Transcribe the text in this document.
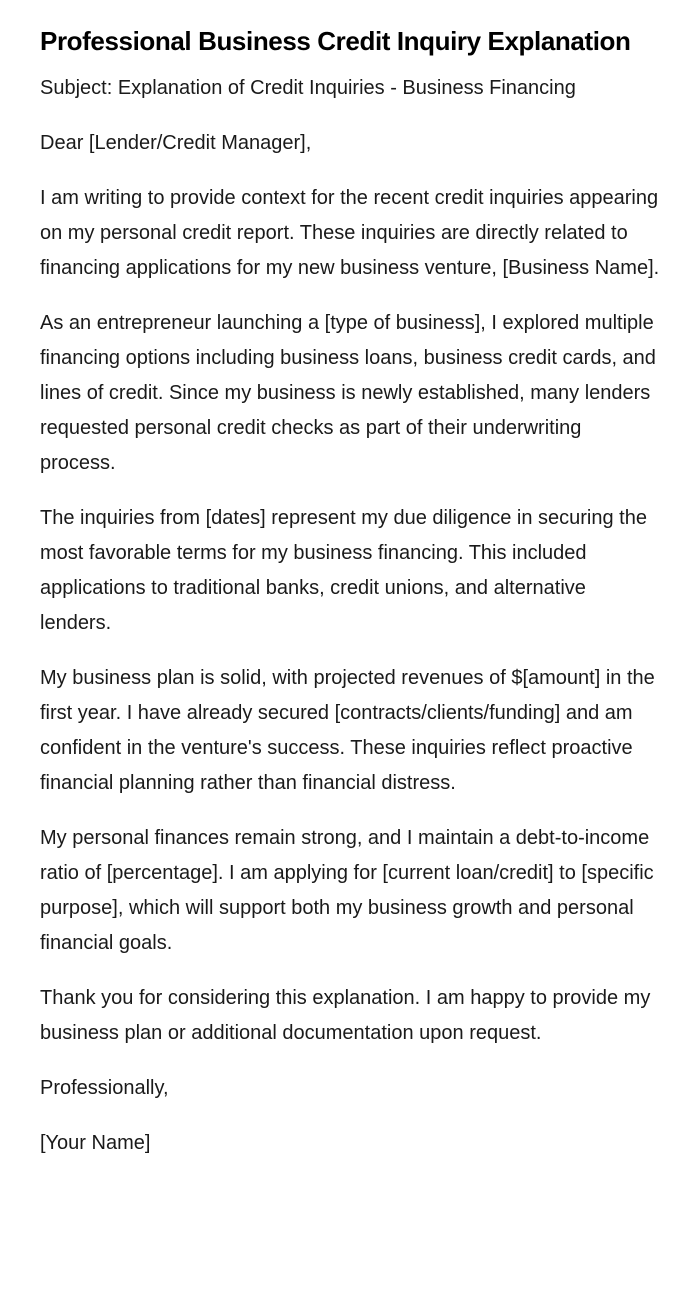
Professional Business Credit Inquiry Explanation

Subject: Explanation of Credit Inquiries - Business Financing

Dear [Lender/Credit Manager],

I am writing to provide context for the recent credit inquiries appearing on my personal credit report. These inquiries are directly related to financing applications for my new business venture, [Business Name].

As an entrepreneur launching a [type of business], I explored multiple financing options including business loans, business credit cards, and lines of credit. Since my business is newly established, many lenders requested personal credit checks as part of their underwriting process.

The inquiries from [dates] represent my due diligence in securing the most favorable terms for my business financing. This included applications to traditional banks, credit unions, and alternative lenders.

My business plan is solid, with projected revenues of $[amount] in the first year. I have already secured [contracts/clients/funding] and am confident in the venture's success. These inquiries reflect proactive financial planning rather than financial distress.

My personal finances remain strong, and I maintain a debt-to-income ratio of [percentage]. I am applying for [current loan/credit] to [specific purpose], which will support both my business growth and personal financial goals.

Thank you for considering this explanation. I am happy to provide my business plan or additional documentation upon request.

Professionally,

[Your Name]
